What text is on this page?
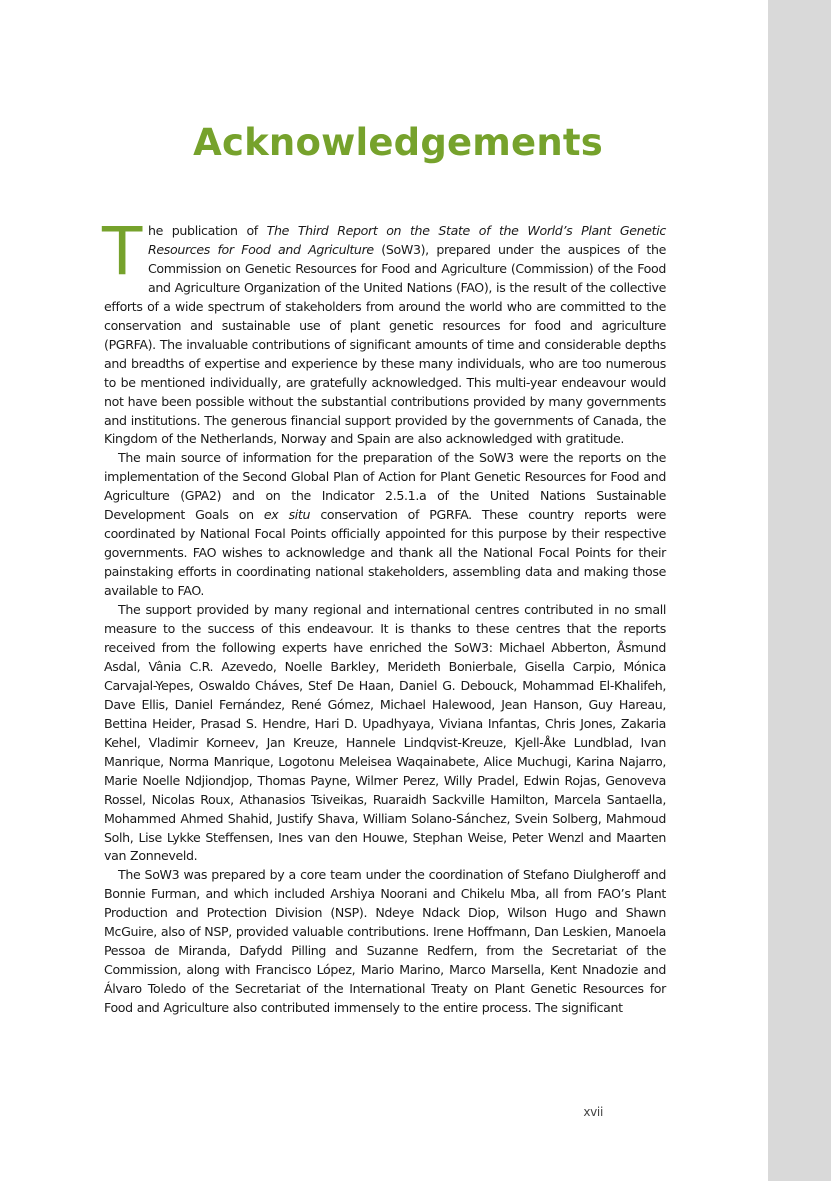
Acknowledgements

The publication of The Third Report on the State of the World’s Plant Genetic Resources for Food and Agriculture (SoW3), prepared under the auspices of the Commission on Genetic Resources for Food and Agriculture (Commission) of the Food and Agriculture Organization of the United Nations (FAO), is the result of the collective efforts of a wide spectrum of stakeholders from around the world who are committed to the conservation and sustainable use of plant genetic resources for food and agriculture (PGRFA). The invaluable contributions of significant amounts of time and considerable depths and breadths of expertise and experience by these many individuals, who are too numerous to be mentioned individually, are gratefully acknowledged. This multi-year endeavour would not have been possible without the substantial contributions provided by many governments and institutions. The generous financial support provided by the governments of Canada, the Kingdom of the Netherlands, Norway and Spain are also acknowledged with gratitude.

The main source of information for the preparation of the SoW3 were the reports on the implementation of the Second Global Plan of Action for Plant Genetic Resources for Food and Agriculture (GPA2) and on the Indicator 2.5.1.a of the United Nations Sustainable Development Goals on ex situ conservation of PGRFA. These country reports were coordinated by National Focal Points officially appointed for this purpose by their respective governments. FAO wishes to acknowledge and thank all the National Focal Points for their painstaking efforts in coordinating national stakeholders, assembling data and making those available to FAO.

The support provided by many regional and international centres contributed in no small measure to the success of this endeavour. It is thanks to these centres that the reports received from the following experts have enriched the SoW3: Michael Abberton, Åsmund Asdal, Vânia C.R. Azevedo, Noelle Barkley, Merideth Bonierbale, Gisella Carpio, Mónica Carvajal-Yepes, Oswaldo Cháves, Stef De Haan, Daniel G. Debouck, Mohammad El-Khalifeh, Dave Ellis, Daniel Fernández, René Gómez, Michael Halewood, Jean Hanson, Guy Hareau, Bettina Heider, Prasad S. Hendre, Hari D. Upadhyaya, Viviana Infantas, Chris Jones, Zakaria Kehel, Vladimir Korneev, Jan Kreuze, Hannele Lindqvist-Kreuze, Kjell-Åke Lundblad, Ivan Manrique, Norma Manrique, Logotonu Meleisea Waqainabete, Alice Muchugi, Karina Najarro, Marie Noelle Ndjiondjop, Thomas Payne, Wilmer Perez, Willy Pradel, Edwin Rojas, Genoveva Rossel, Nicolas Roux, Athanasios Tsiveikas, Ruaraidh Sackville Hamilton, Marcela Santaella, Mohammed Ahmed Shahid, Justify Shava, William Solano-Sánchez, Svein Solberg, Mahmoud Solh, Lise Lykke Steffensen, Ines van den Houwe, Stephan Weise, Peter Wenzl and Maarten van Zonneveld.

The SoW3 was prepared by a core team under the coordination of Stefano Diulgheroff and Bonnie Furman, and which included Arshiya Noorani and Chikelu Mba, all from FAO’s Plant Production and Protection Division (NSP). Ndeye Ndack Diop, Wilson Hugo and Shawn McGuire, also of NSP, provided valuable contributions. Irene Hoffmann, Dan Leskien, Manoela Pessoa de Miranda, Dafydd Pilling and Suzanne Redfern, from the Secretariat of the Commission, along with Francisco López, Mario Marino, Marco Marsella, Kent Nnadozie and Álvaro Toledo of the Secretariat of the International Treaty on Plant Genetic Resources for Food and Agriculture also contributed immensely to the entire process. The significant

xvii
